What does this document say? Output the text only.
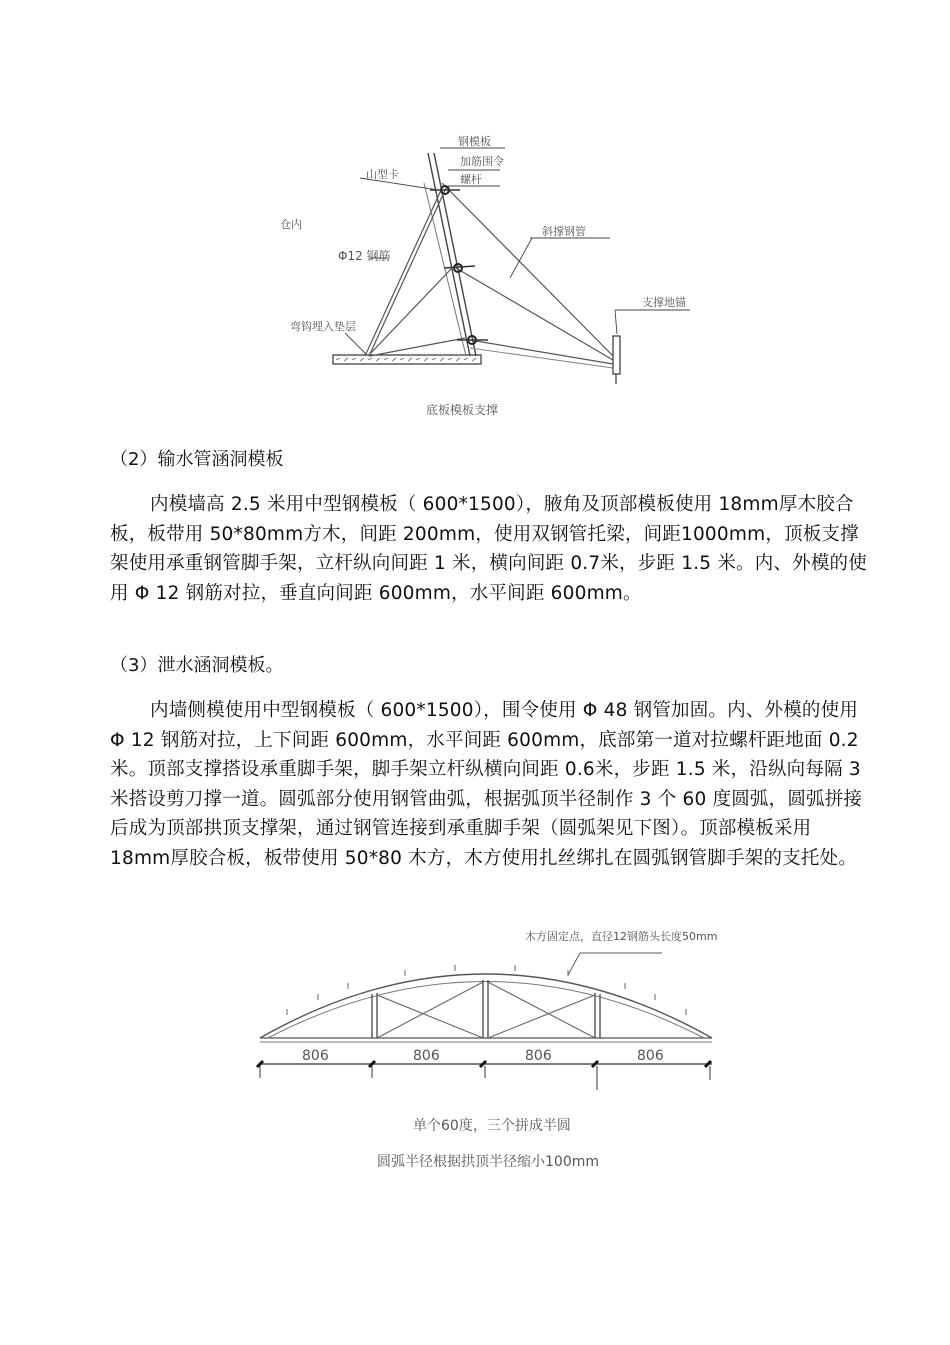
钢模板
加筋围令
螺杆
山型卡
仓内
Φ12 钢筋
斜撑钢管
弯钩埋入垫层
支撑地锚
底板模板支撑
（2）输水管涵洞模板
内模墙高 2.5 米用中型钢模板（ 600*1500），腋角及顶部模板使用 18mm厚木胶合板，板带用 50*80mm方木，间距 200mm，使用双钢管托梁，间距1000mm，顶板支撑架使用承重钢管脚手架，立杆纵向间距 1 米，横向间距 0.7米，步距 1.5 米。内、外模的使用 Φ 12 钢筋对拉，垂直向间距 600mm，水平间距 600mm。
（3）泄水涵洞模板。
内墙侧模使用中型钢模板（ 600*1500），围令使用 Φ 48 钢管加固。内、外模的使用 Φ 12 钢筋对拉，上下间距 600mm，水平间距 600mm，底部第一道对拉螺杆距地面 0.2 米。顶部支撑搭设承重脚手架，脚手架立杆纵横向间距 0.6米，步距 1.5 米，沿纵向每隔 3 米搭设剪刀撑一道。圆弧部分使用钢管曲弧，根据弧顶半径制作 3 个 60 度圆弧，圆弧拼接后成为顶部拱顶支撑架，通过钢管连接到承重脚手架（圆弧架见下图）。顶部模板采用 18mm厚胶合板，板带使用 50*80 木方，木方使用扎丝绑扎在圆弧钢管脚手架的支托处。
木方固定点，直径12钢筋头长度50mm
806	806	806	806
单个60度，三个拼成半圆
圆弧半径根据拱顶半径缩小100mm
